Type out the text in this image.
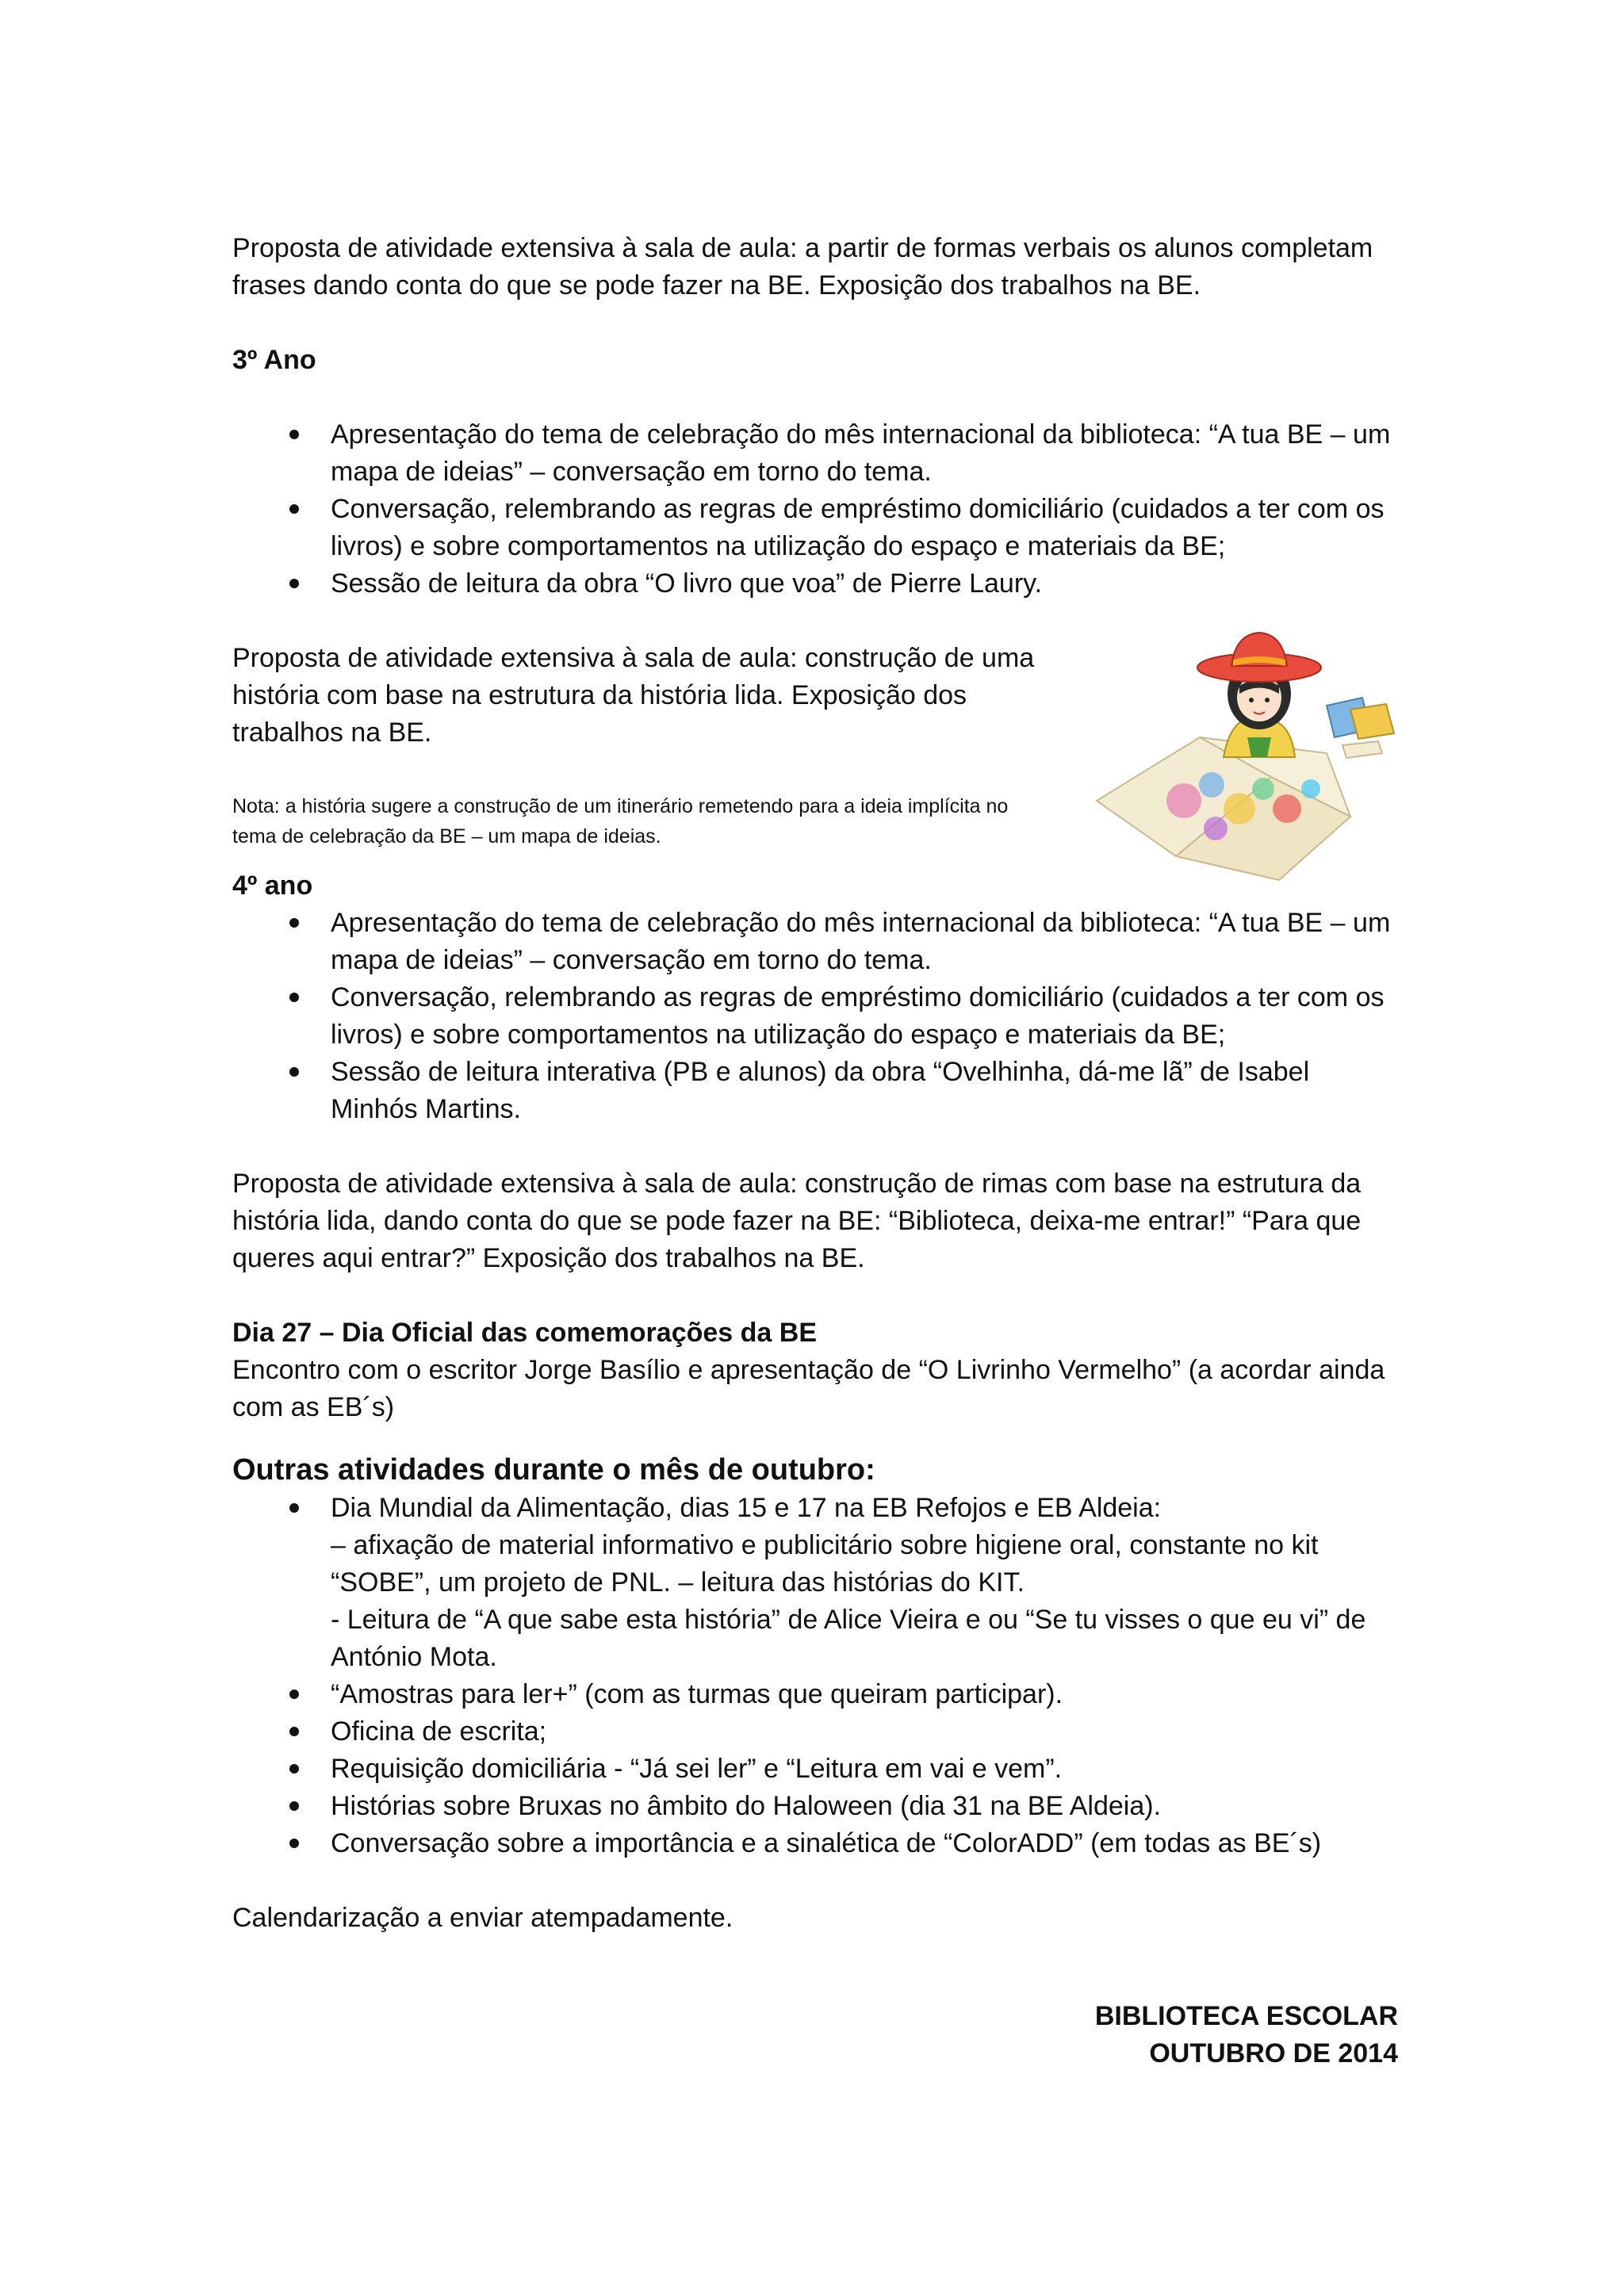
Proposta de atividade extensiva à sala de aula: a partir de formas verbais os alunos completam frases dando conta do que se pode fazer na BE. Exposição dos trabalhos na BE.

3º Ano

Apresentação do tema de celebração do mês internacional da biblioteca: “A tua BE – um mapa de ideias” – conversação em torno do tema.
Conversação, relembrando as regras de empréstimo domiciliário (cuidados a ter com os livros) e sobre comportamentos na utilização do espaço e materiais da BE;
Sessão de leitura da obra “O livro que voa” de Pierre Laury.

Proposta de atividade extensiva à sala de aula: construção de uma história com base na estrutura da história lida. Exposição dos trabalhos na BE.

Nota: a história sugere a construção de um itinerário remetendo para a ideia implícita no tema de celebração da BE – um mapa de ideias.

4º ano

Apresentação do tema de celebração do mês internacional da biblioteca: “A tua BE – um mapa de ideias” – conversação em torno do tema.
Conversação, relembrando as regras de empréstimo domiciliário (cuidados a ter com os livros) e sobre comportamentos na utilização do espaço e materiais da BE;
Sessão de leitura interativa (PB e alunos) da obra “Ovelhinha, dá-me lã” de Isabel Minhós Martins.

Proposta de atividade extensiva à sala de aula: construção de rimas com base na estrutura da história lida, dando conta do que se pode fazer na BE: “Biblioteca, deixa-me entrar!” “Para que queres aqui entrar?” Exposição dos trabalhos na BE.

Dia 27 – Dia Oficial das comemorações da BE

Encontro com o escritor Jorge Basílio e apresentação de “O Livrinho Vermelho” (a acordar ainda com as EB´s)

Outras atividades durante o mês de outubro:

Dia Mundial da Alimentação, dias 15 e 17 na EB Refojos e EB Aldeia:
– afixação de material informativo e publicitário sobre higiene oral, constante no kit “SOBE”, um projeto de PNL. – leitura das histórias do KIT.
- Leitura de “A que sabe esta história” de Alice Vieira e ou “Se tu visses o que eu vi” de António Mota.
“Amostras para ler+” (com as turmas que queiram participar).
Oficina de escrita;
Requisição domiciliária - “Já sei ler” e “Leitura em vai e vem”.
Histórias sobre Bruxas no âmbito do Haloween (dia 31 na BE Aldeia).
Conversação sobre a importância e a sinalética de “ColorADD” (em todas as BE´s)

Calendarização a enviar atempadamente.

BIBLIOTECA ESCOLAR
OUTUBRO DE 2014
